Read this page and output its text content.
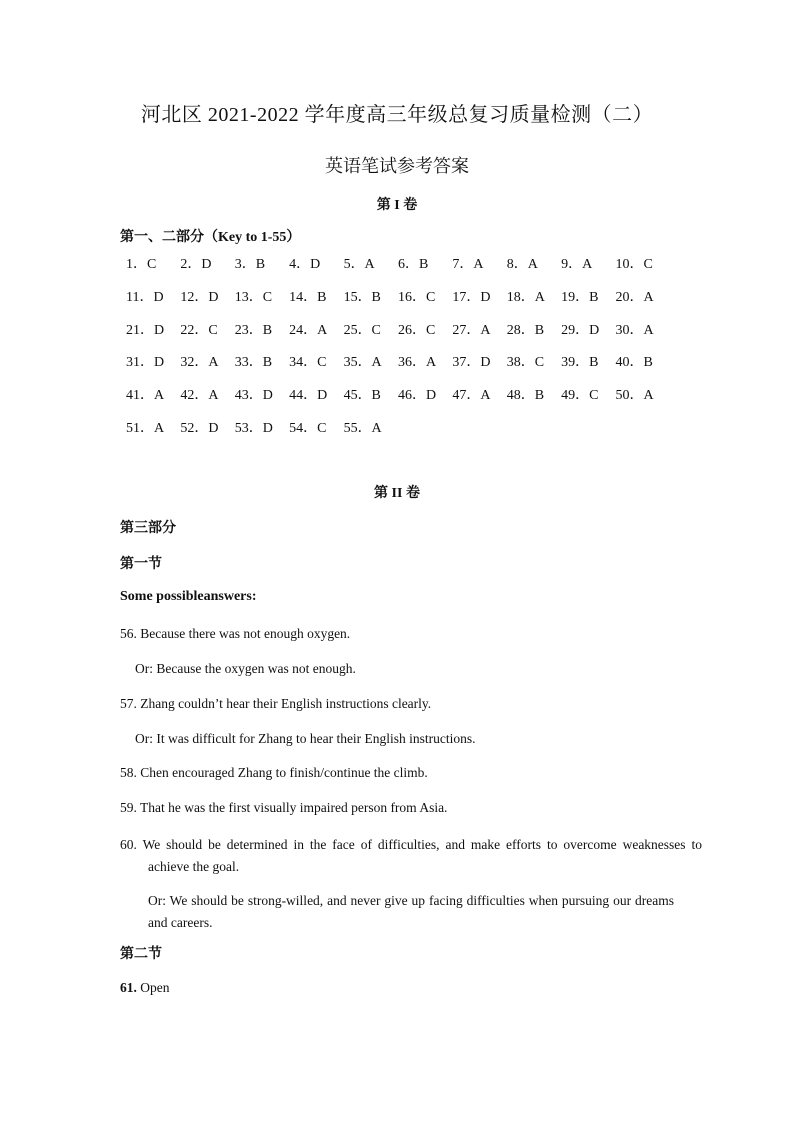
河北区 2021-2022 学年度高三年级总复习质量检测（二）
英语笔试参考答案
第 I 卷
第一、二部分（Key to 1-55）
1．C	2．D	3．B	4．D	5．A	6．B	7．A	8．A	9．A	10．C
11．D	12．D	13．C	14．B	15．B	16．C	17．D	18．A	19．B	20．A
21．D	22．C	23．B	24．A	25．C	26．C	27．A	28．B	29．D	30．A
31．D	32．A	33．B	34．C	35．A	36．A	37．D	38．C	39．B	40．B
41．A	42．A	43．D	44．D	45．B	46．D	47．A	48．B	49．C	50．A
51．A	52．D	53．D	54．C	55．A
第 II 卷
第三部分
第一节
Some possibleanswers:
56. Because there was not enough oxygen.
Or: Because the oxygen was not enough.
57. Zhang couldn’t hear their English instructions clearly.
Or: It was difficult for Zhang to hear their English instructions.
58. Chen encouraged Zhang to finish/continue the climb.
59. That he was the first visually impaired person from Asia.
60. We should be determined in the face of difficulties, and make efforts to overcome weaknesses to achieve the goal.
Or: We should be strong-willed, and never give up facing difficulties when pursuing our dreams and careers.
第二节
61. Open
